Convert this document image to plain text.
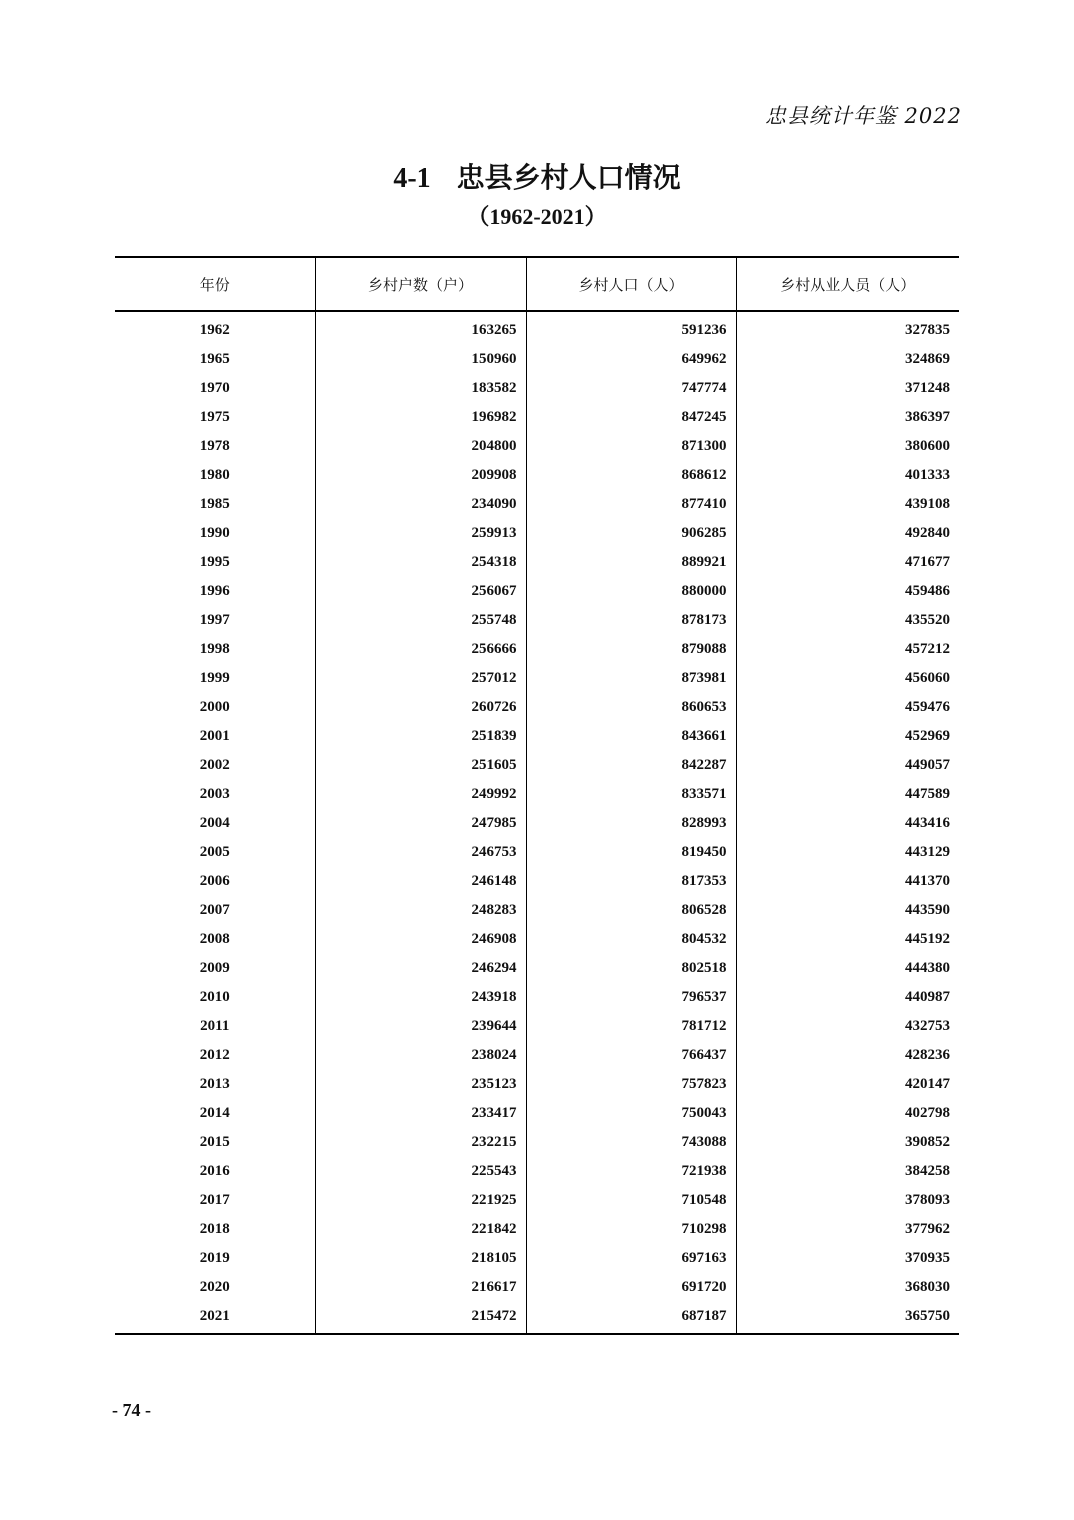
忠县统计年鉴 2022
4-1 忠县乡村人口情况
（1962-2021）
年份	乡村户数（户）	乡村人口（人）	乡村从业人员（人）
1962	163265	591236	327835
1965	150960	649962	324869
1970	183582	747774	371248
1975	196982	847245	386397
1978	204800	871300	380600
1980	209908	868612	401333
1985	234090	877410	439108
1990	259913	906285	492840
1995	254318	889921	471677
1996	256067	880000	459486
1997	255748	878173	435520
1998	256666	879088	457212
1999	257012	873981	456060
2000	260726	860653	459476
2001	251839	843661	452969
2002	251605	842287	449057
2003	249992	833571	447589
2004	247985	828993	443416
2005	246753	819450	443129
2006	246148	817353	441370
2007	248283	806528	443590
2008	246908	804532	445192
2009	246294	802518	444380
2010	243918	796537	440987
2011	239644	781712	432753
2012	238024	766437	428236
2013	235123	757823	420147
2014	233417	750043	402798
2015	232215	743088	390852
2016	225543	721938	384258
2017	221925	710548	378093
2018	221842	710298	377962
2019	218105	697163	370935
2020	216617	691720	368030
2021	215472	687187	365750
- 74 -
